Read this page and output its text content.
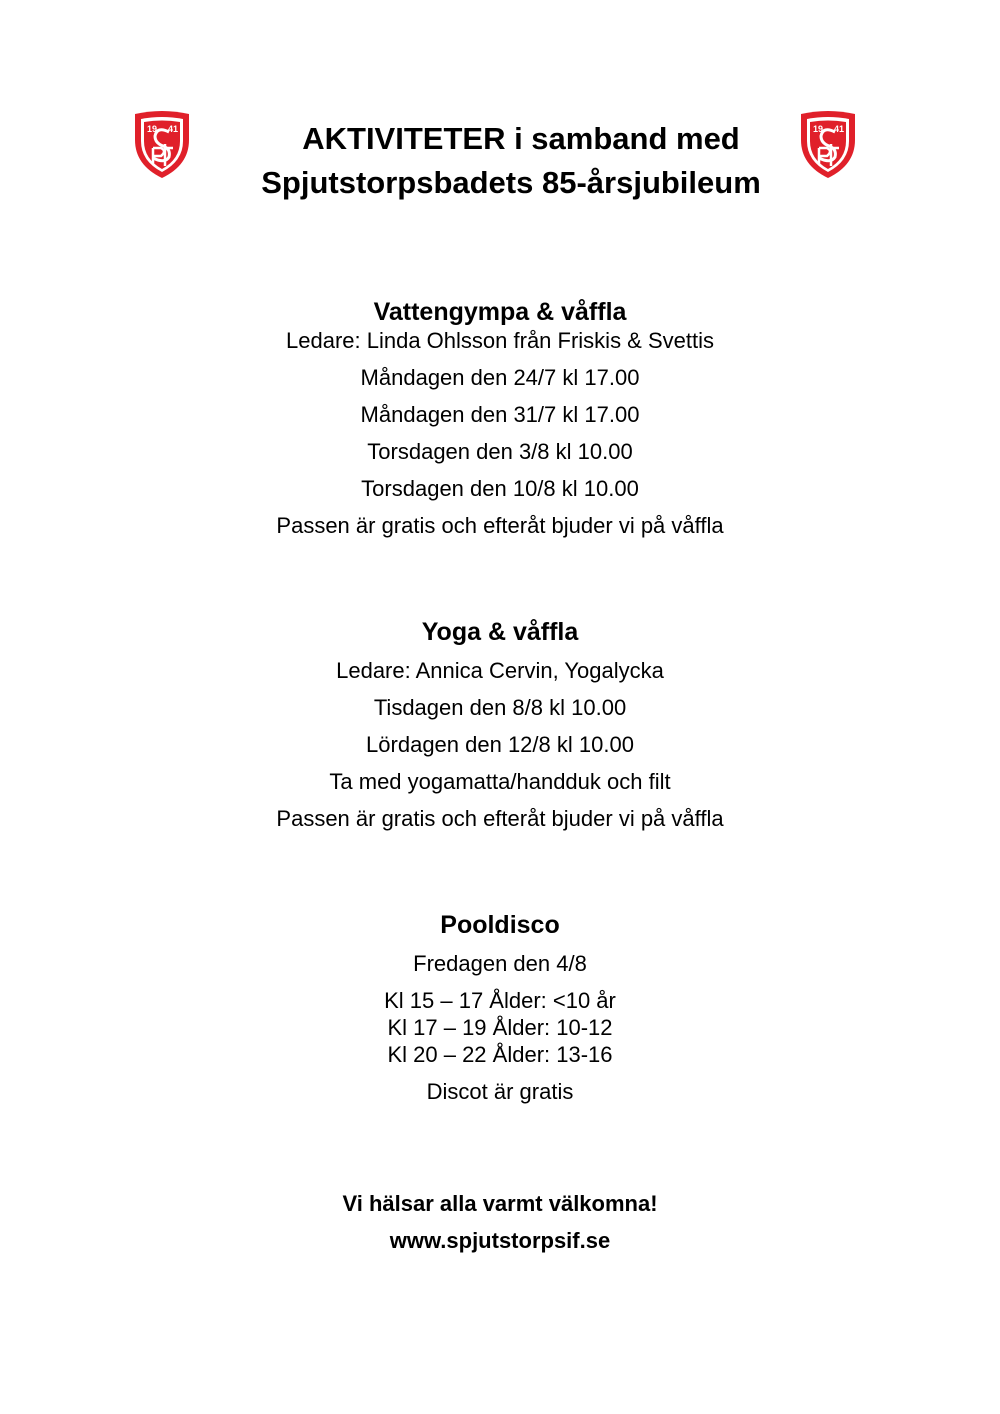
19 41	19 41
AKTIVITETER i samband med
Spjutstorpsbadets 85-årsjubileum
Vattengympa & våffla

Ledare: Linda Ohlsson från Friskis & Svettis

Måndagen den 24/7 kl 17.00

Måndagen den 31/7 kl 17.00

Torsdagen den 3/8 kl 10.00

Torsdagen den 10/8 kl 10.00

Passen är gratis och efteråt bjuder vi på våffla

Yoga & våffla

Ledare: Annica Cervin, Yogalycka

Tisdagen den 8/8 kl 10.00

Lördagen den 12/8 kl 10.00

Ta med yogamatta/handduk och filt

Passen är gratis och efteråt bjuder vi på våffla

Pooldisco

Fredagen den 4/8

Kl 15 – 17 Ålder: <10 år

Kl 17 – 19 Ålder: 10-12

Kl 20 – 22 Ålder: 13-16

Discot är gratis

Vi hälsar alla varmt välkomna!

www.spjutstorpsif.se
